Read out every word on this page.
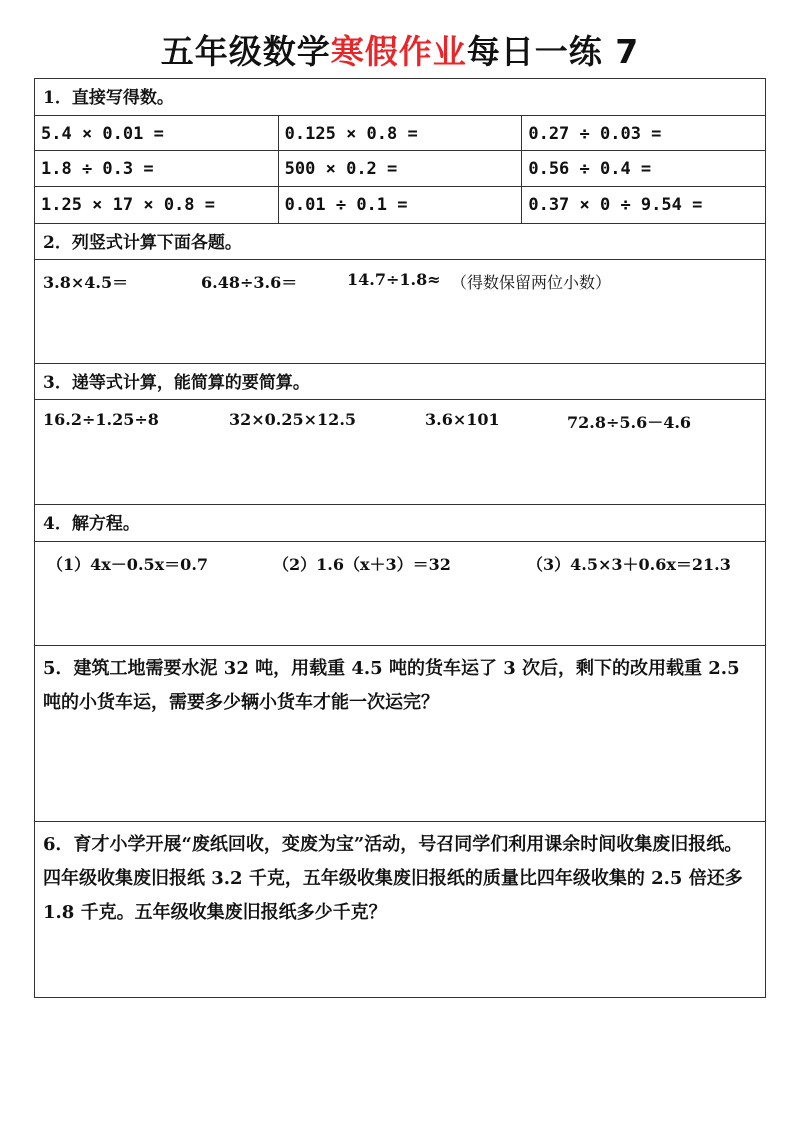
五年级数学寒假作业每日一练 7
1．直接写得数。
5.4 × 0.01 =	0.125 × 0.8 =	0.27 ÷ 0.03 =
1.8 ÷ 0.3 =	500 × 0.2 =	0.56 ÷ 0.4 =
1.25 × 17 × 0.8 =	0.01 ÷ 0.1 =	0.37 × 0 ÷ 9.54 =
2．列竖式计算下面各题。
3.8×4.5＝	6.48÷3.6＝	14.7÷1.8≈ （得数保留两位小数）
3．递等式计算，能简算的要简算。
16.2÷1.25÷8	32×0.25×12.5	3.6×101	72.8÷5.6－4.6
4．解方程。
（1）4x－0.5x＝0.7	（2）1.6（x＋3）＝32	（3）4.5×3＋0.6x＝21.3
5．建筑工地需要水泥 32 吨，用载重 4.5 吨的货车运了 3 次后，剩下的改用载重 2.5 吨的小货车运，需要多少辆小货车才能一次运完？
6．育才小学开展“废纸回收，变废为宝”活动，号召同学们利用课余时间收集废旧报纸。四年级收集废旧报纸 3.2 千克，五年级收集废旧报纸的质量比四年级收集的 2.5 倍还多 1.8 千克。五年级收集废旧报纸多少千克？
